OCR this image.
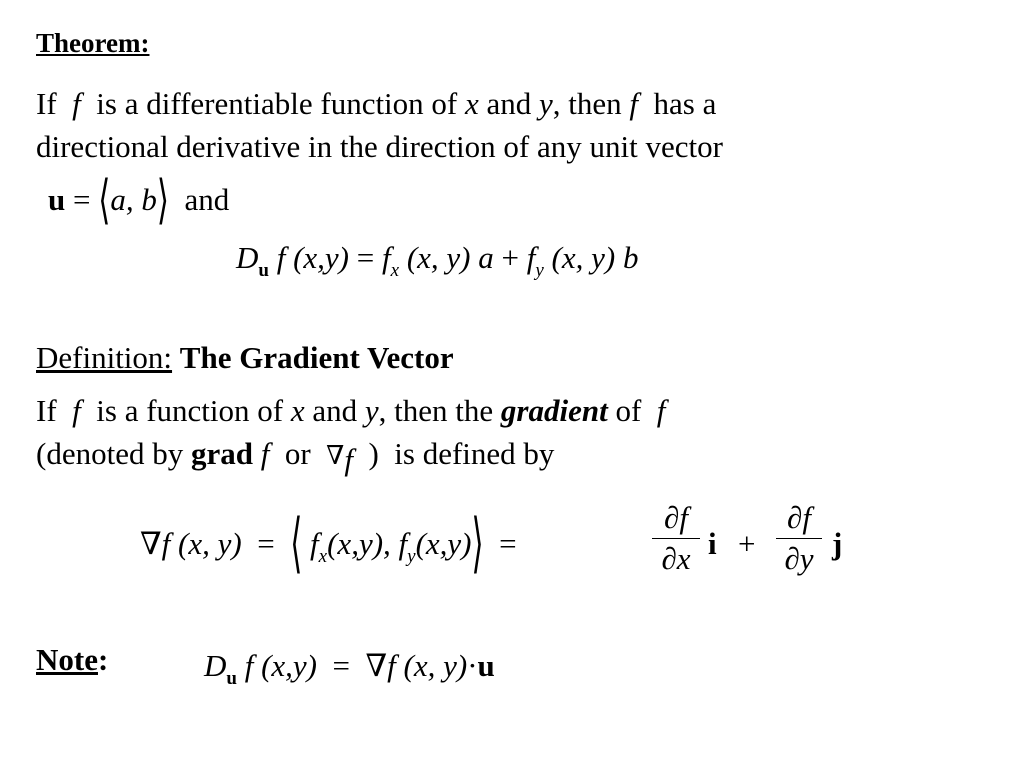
Theorem:
If f is a differentiable function of x and y, then f has a
directional derivative in the direction of any unit vector
u = ⟨a, b⟩ and
$D_u$ f $(x,y) = f_x$ (x, y) $a + f_y$ (x, y) b
Definition: The Gradient Vector
If f is a function of x and y, then the gradient of f
(denoted by grad f or ∇f ) is defined by
∇f (x, y) = ⟨ $f_x(x,y)$, $f_y(x,y)⟩$ =
∂f
∂x i +
∂f
∂y j
Note:	$D_u$ f (x,y) = ∇f (x, y)·u
